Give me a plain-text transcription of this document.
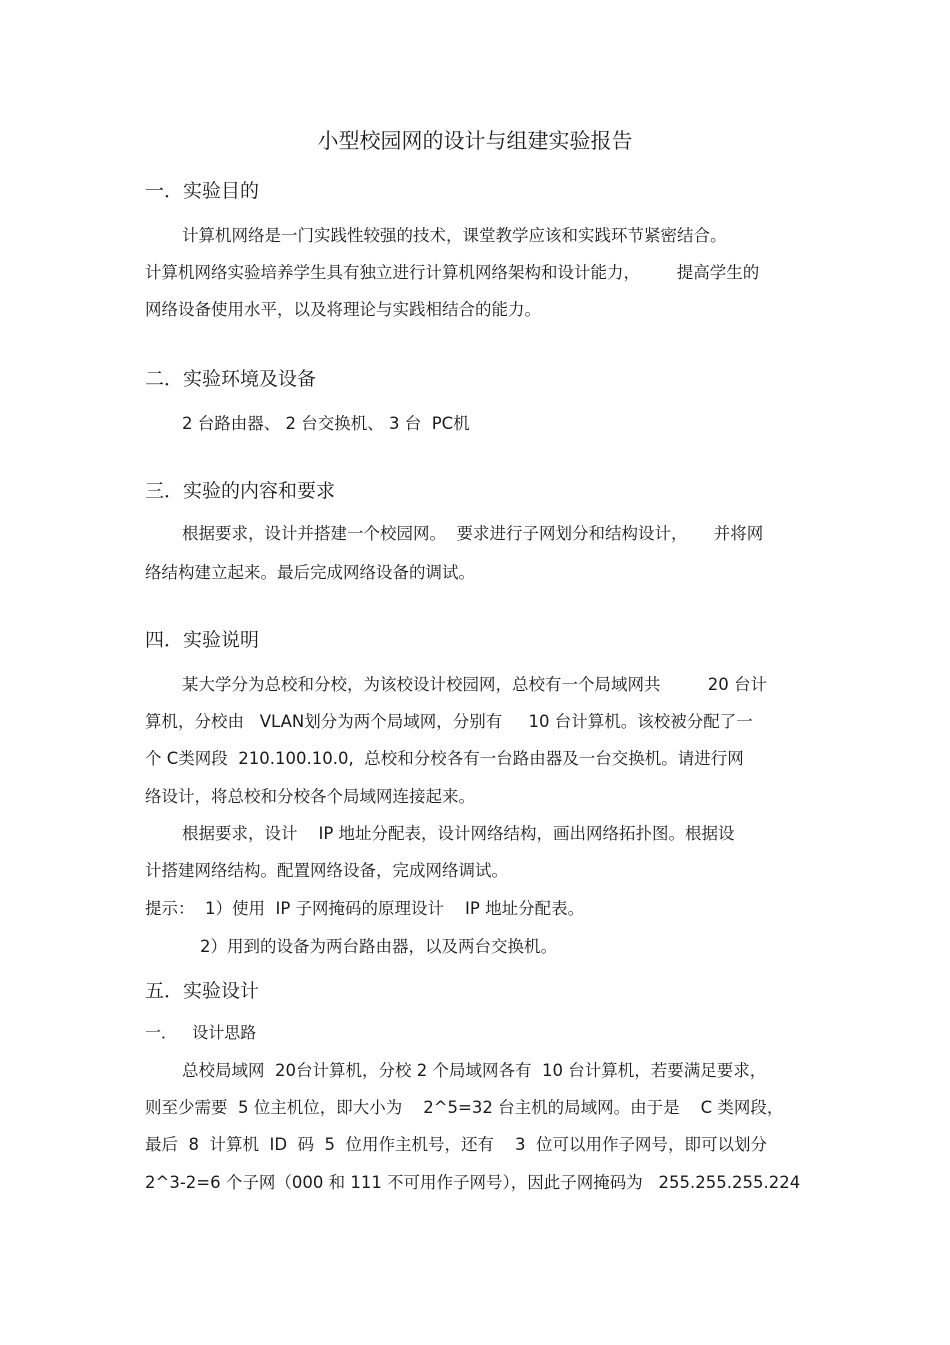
小型校园网的设计与组建实验报告
一．实验目的
计算机网络是一门实践性较强的技术，课堂教学应该和实践环节紧密结合。
计算机网络实验培养学生具有独立进行计算机网络架构和设计能力，       提高学生的
网络设备使用水平，以及将理论与实践相结合的能力。
二．实验环境及设备
2 台路由器、 2 台交换机、 3 台  PC机
三．实验的内容和要求
根据要求，设计并搭建一个校园网。  要求进行子网划分和结构设计，     并将网
络结构建立起来。最后完成网络设备的调试。
四．实验说明
某大学分为总校和分校，为该校设计校园网，总校有一个局域网共         20 台计
算机，分校由   VLAN划分为两个局域网，分别有     10 台计算机。该校被分配了一
个 C类网段  210.100.10.0,  总校和分校各有一台路由器及一台交换机。请进行网
络设计，将总校和分校各个局域网连接起来。
根据要求，设计    IP 地址分配表，设计网络结构，画出网络拓扑图。根据设
计搭建网络结构。配置网络设备，完成网络调试。
提示：  1）使用  IP 子网掩码的原理设计    IP 地址分配表。
2）用到的设备为两台路由器，以及两台交换机。
五．实验设计
一．   设计思路
总校局域网  20台计算机，分校 2 个局域网各有  10 台计算机，若要满足要求，
则至少需要  5 位主机位，即大小为    2^5=32 台主机的局域网。由于是    C 类网段，
最后  8  计算机  ID  码  5  位用作主机号，还有    3  位可以用作子网号，即可以划分
2^3-2=6 个子网（000 和 111 不可用作子网号），因此子网掩码为   255.255.255.224
